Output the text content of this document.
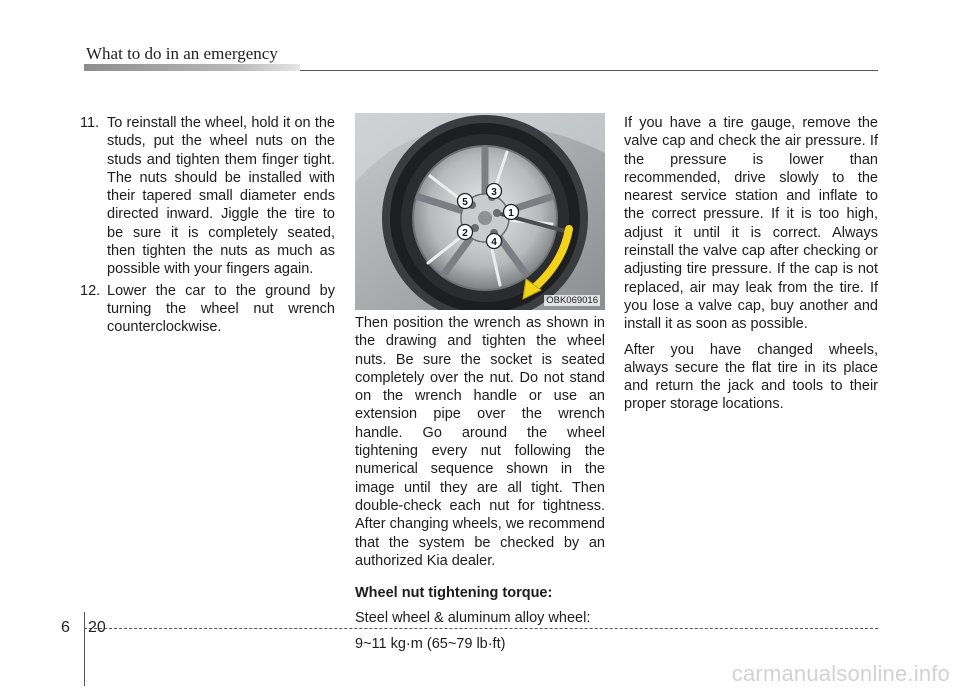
What to do in an emergency
11. To reinstall the wheel, hold it on the studs, put the wheel nuts on the studs and tighten them finger tight. The nuts should be installed with their tapered small diameter ends directed inward. Jiggle the tire to be sure it is completely seated, then tighten the nuts as much as possible with your fingers again.
12. Lower the car to the ground by turning the wheel nut wrench counterclockwise.
1
2
3
4
5
OBK069016

Then position the wrench as shown in the drawing and tighten the wheel nuts. Be sure the socket is seated completely over the nut. Do not stand on the wrench handle or use an extension pipe over the wrench handle. Go around the wheel tightening every nut following the numerical sequence shown in the image until they are all tight. Then double-check each nut for tightness. After changing wheels, we recommend that the system be checked by an authorized Kia dealer.

Wheel nut tightening torque:

Steel wheel & aluminum alloy wheel:

9~11 kg·m (65~79 lb·ft)

If you have a tire gauge, remove the valve cap and check the air pressure. If the pressure is lower than recommended, drive slowly to the nearest service station and inflate to the correct pressure. If it is too high, adjust it until it is correct. Always reinstall the valve cap after checking or adjusting tire pressure. If the cap is not replaced, air may leak from the tire. If you lose a valve cap, buy another and install it as soon as possible.

After you have changed wheels, always secure the flat tire in its place and return the jack and tools to their proper storage locations.

6 20
carmanualsonline.info
